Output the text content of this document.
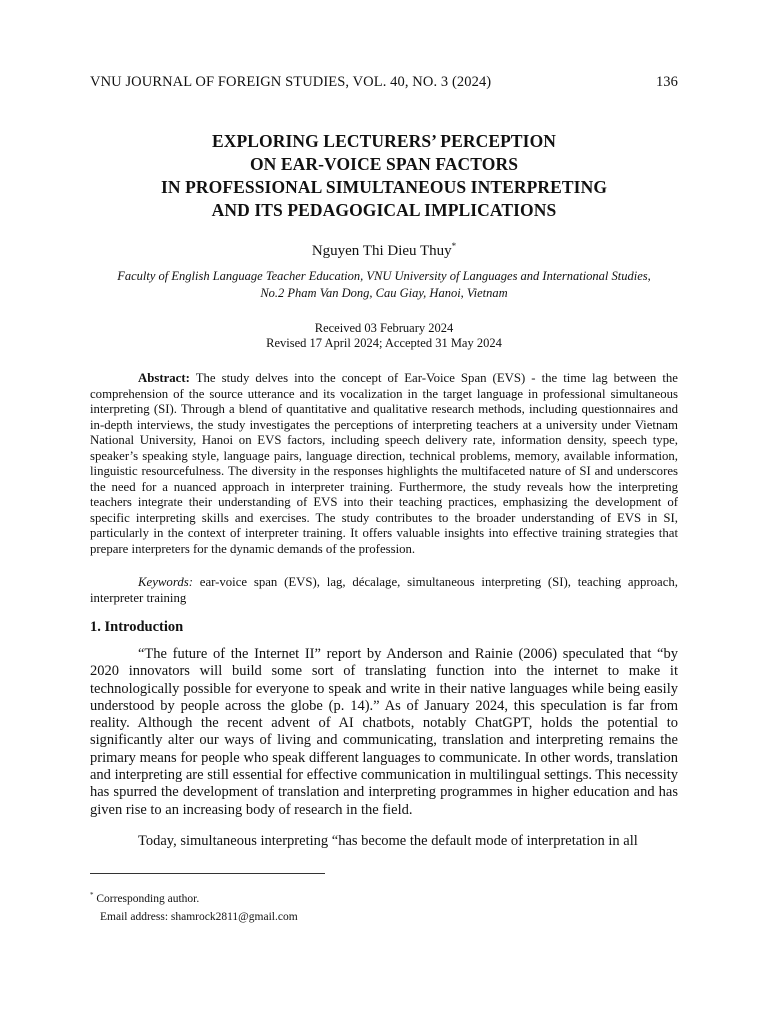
VNU JOURNAL OF FOREIGN STUDIES, VOL. 40, NO. 3 (2024)	136
EXPLORING LECTURERS’ PERCEPTION
ON EAR-VOICE SPAN FACTORS
IN PROFESSIONAL SIMULTANEOUS INTERPRETING
AND ITS PEDAGOGICAL IMPLICATIONS
Nguyen Thi Dieu Thuy*
Faculty of English Language Teacher Education, VNU University of Languages and International Studies,
No.2 Pham Van Dong, Cau Giay, Hanoi, Vietnam
Received 03 February 2024
Revised 17 April 2024; Accepted 31 May 2024
Abstract: The study delves into the concept of Ear-Voice Span (EVS) - the time lag between the comprehension of the source utterance and its vocalization in the target language in professional simultaneous interpreting (SI). Through a blend of quantitative and qualitative research methods, including questionnaires and in-depth interviews, the study investigates the perceptions of interpreting teachers at a university under Vietnam National University, Hanoi on EVS factors, including speech delivery rate, information density, speech type, speaker’s speaking style, language pairs, language direction, technical problems, memory, available information, linguistic resourcefulness. The diversity in the responses highlights the multifaceted nature of SI and underscores the need for a nuanced approach in interpreter training. Furthermore, the study reveals how the interpreting teachers integrate their understanding of EVS into their teaching practices, emphasizing the development of specific interpreting skills and exercises. The study contributes to the broader understanding of EVS in SI, particularly in the context of interpreter training. It offers valuable insights into effective training strategies that prepare interpreters for the dynamic demands of the profession.
Keywords: ear-voice span (EVS), lag, décalage, simultaneous interpreting (SI), teaching approach, interpreter training
1. Introduction
“The future of the Internet II” report by Anderson and Rainie (2006) speculated that “by 2020 innovators will build some sort of translating function into the internet to make it technologically possible for everyone to speak and write in their native languages while being easily understood by people across the globe (p. 14).” As of January 2024, this speculation is far from reality. Although the recent advent of AI chatbots, notably ChatGPT, holds the potential to significantly alter our ways of living and communicating, translation and interpreting remains the primary means for people who speak different languages to communicate. In other words, translation and interpreting are still essential for effective communication in multilingual settings. This necessity has spurred the development of translation and interpreting programmes in higher education and has given rise to an increasing body of research in the field.
Today, simultaneous interpreting “has become the default mode of interpretation in all
* Corresponding author.
Email address: shamrock2811@gmail.com
